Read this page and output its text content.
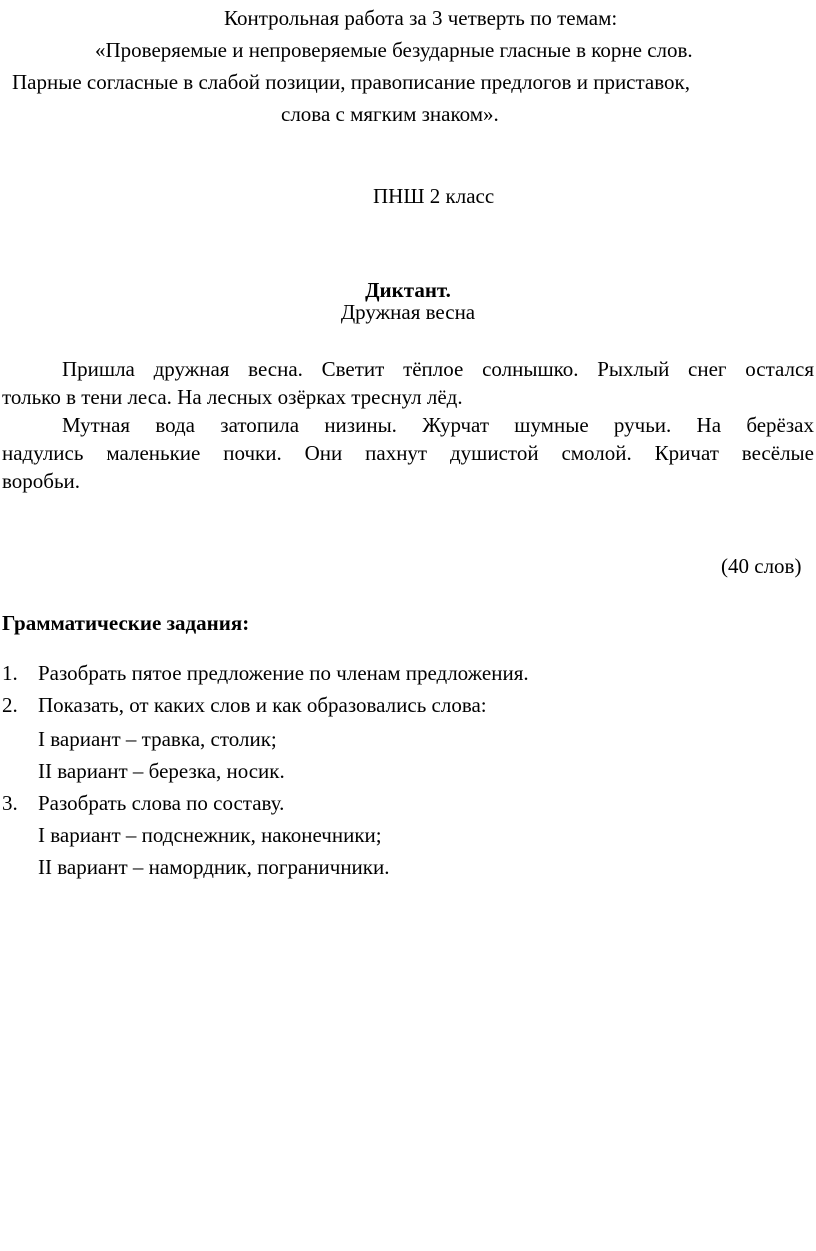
Контрольная работа за 3 четверть по темам:
«Проверяемые и непроверяемые безударные гласные в корне слов.
Парные согласные в слабой позиции, правописание предлогов и приставок,
слова с мягким знаком».
ПНШ 2 класс
Диктант.
Дружная весна
Пришла дружная весна. Светит тёплое солнышко. Рыхлый снег остался
только в тени леса. На лесных озёрках треснул лёд.
Мутная вода затопила низины. Журчат шумные ручьи. На берёзах
надулись маленькие почки. Они пахнут душистой смолой. Кричат весёлые
воробьи.
(40 слов)
Грамматические задания:
1. Разобрать пятое предложение по членам предложения.
2. Показать, от каких слов и как образовались слова:
I вариант – травка, столик;
II вариант – березка, носик.
3. Разобрать слова по составу.
I вариант – подснежник, наконечники;
II вариант – намордник, пограничники.
